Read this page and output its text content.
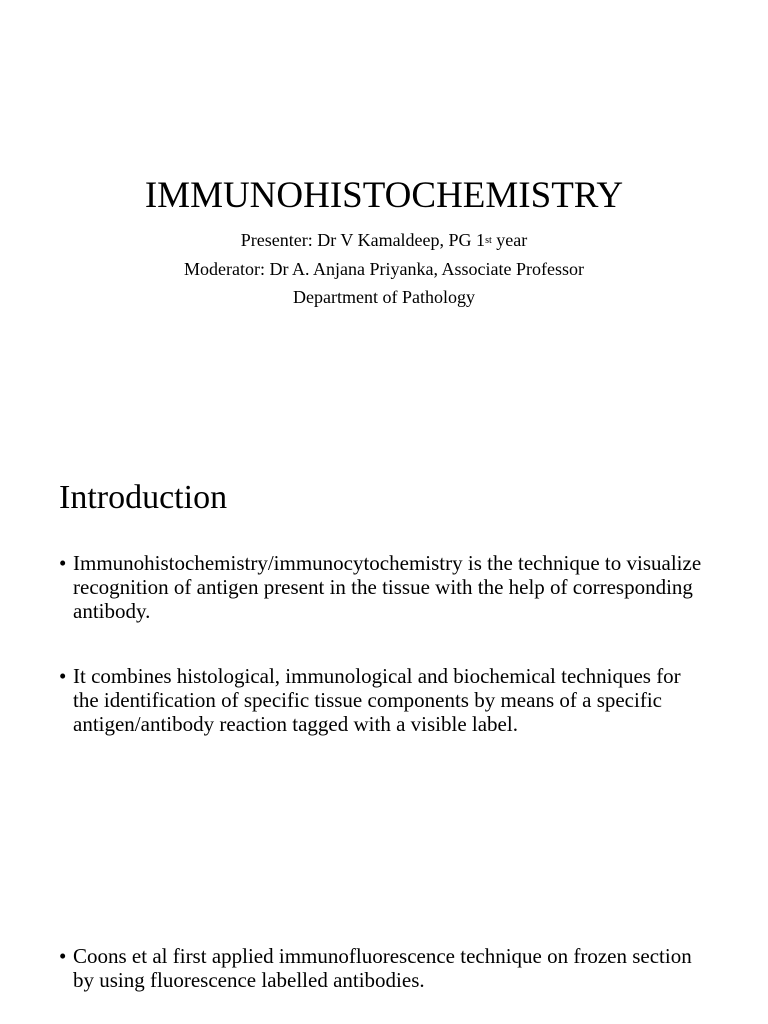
IMMUNOHISTOCHEMISTRY

Presenter: Dr V Kamaldeep, PG 1st year

Moderator: Dr A. Anjana Priyanka, Associate Professor

Department of Pathology

Introduction
• Immunohistochemistry/immunocytochemistry is the technique to visualize recognition of antigen present in the tissue with the help of corresponding antibody.
• It combines histological, immunological and biochemical techniques for the identification of specific tissue components by means of a specific antigen/antibody reaction tagged with a visible label.
• Coons et al first applied immunofluorescence technique on frozen section by using fluorescence labelled antibodies.
